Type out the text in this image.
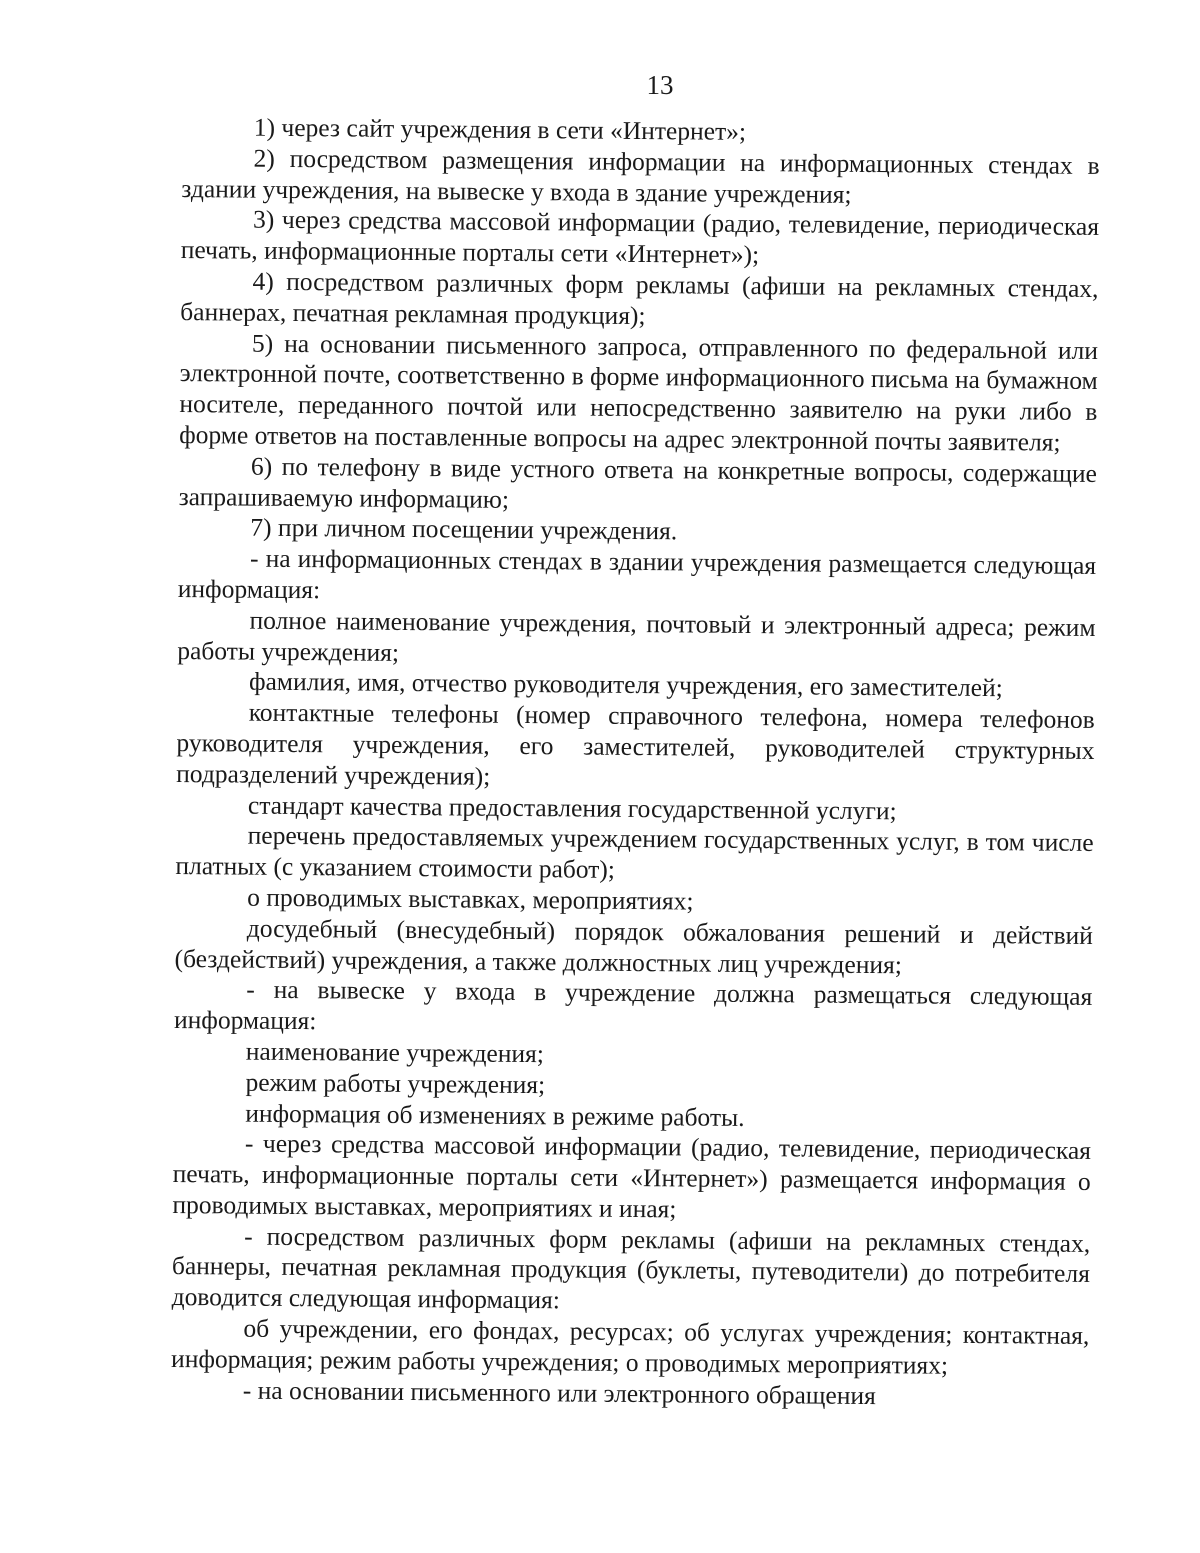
13

1) через сайт учреждения в сети «Интернет»;

2) посредством размещения информации на информационных стендах в здании учреждения, на вывеске у входа в здание учреждения;

3) через средства массовой информации (радио, телевидение, периодическая печать, информационные порталы сети «Интернет»);

4) посредством различных форм рекламы (афиши на рекламных стендах, баннерах, печатная рекламная продукция);

5) на основании письменного запроса, отправленного по федеральной или электронной почте, соответственно в форме информационного письма на бумажном носителе, переданного почтой или непосредственно заявителю на руки либо в форме ответов на поставленные вопросы на адрес электронной почты заявителя;

6) по телефону в виде устного ответа на конкретные вопросы, содержащие запрашиваемую информацию;

7) при личном посещении учреждения.

- на информационных стендах в здании учреждения размещается следующая информация:

полное наименование учреждения, почтовый и электронный адреса; режим работы учреждения;

фамилия, имя, отчество руководителя учреждения, его заместителей;

контактные телефоны (номер справочного телефона, номера телефонов руководителя учреждения, его заместителей, руководителей структурных подразделений учреждения);

стандарт качества предоставления государственной услуги;

перечень предоставляемых учреждением государственных услуг, в том числе платных (с указанием стоимости работ);

о проводимых выставках, мероприятиях;

досудебный (внесудебный) порядок обжалования решений и действий (бездействий) учреждения, а также должностных лиц учреждения;

- на вывеске у входа в учреждение должна размещаться следующая информация:

наименование учреждения;

режим работы учреждения;

информация об изменениях в режиме работы.

- через средства массовой информации (радио, телевидение, периодическая печать, информационные порталы сети «Интернет») размещается информация о проводимых выставках, мероприятиях и иная;

- посредством различных форм рекламы (афиши на рекламных стендах, баннеры, печатная рекламная продукция (буклеты, путеводители) до потребителя доводится следующая информация:

об учреждении, его фондах, ресурсах; об услугах учреждения; контактная, информация; режим работы учреждения; о проводимых мероприятиях;

- на основании письменного или электронного обращения
